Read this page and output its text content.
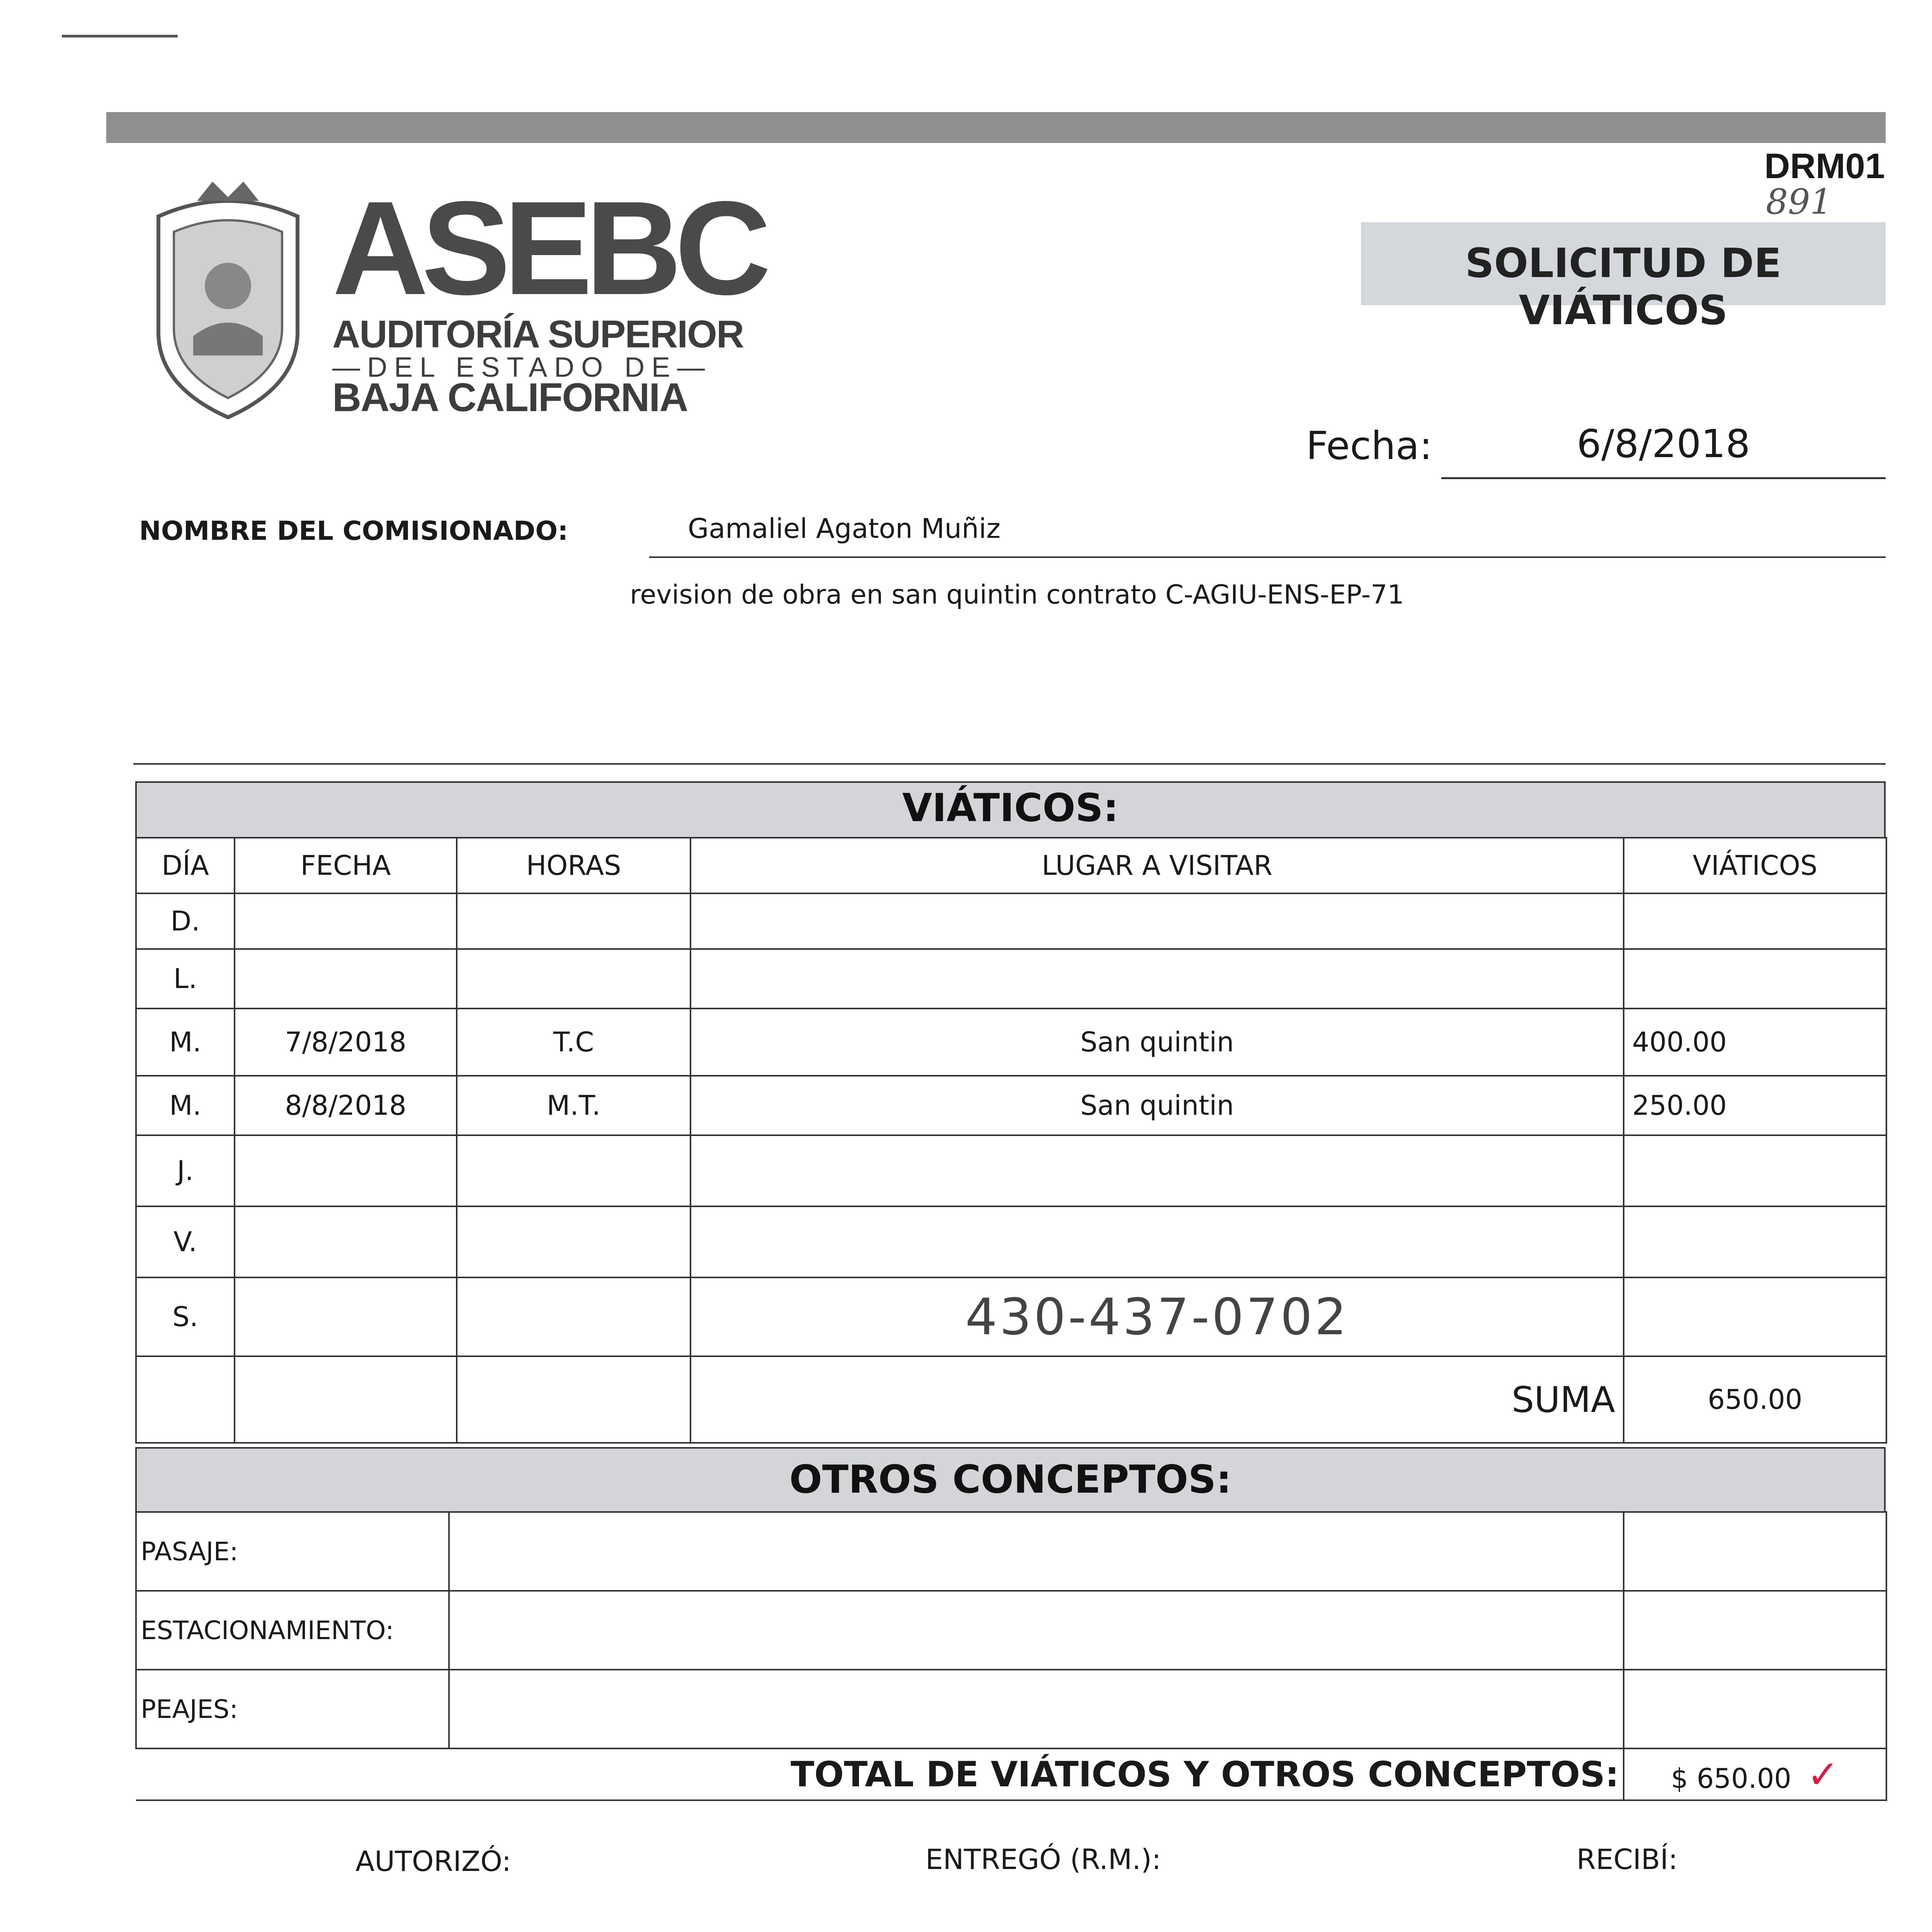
ASEBC
AUDITORÍA SUPERIOR
—DEL ESTADO DE—
BAJA CALIFORNIA
DRM01
891
SOLICITUD DE VIÁTICOS
Fecha:	6/8/2018
NOMBRE DEL COMISIONADO:	Gamaliel Agaton Muñiz
revision de obra en san quintin contrato C-AGIU-ENS-EP-71
VIÁTICOS:
DÍA	FECHA	HORAS	LUGAR A VISITAR	VIÁTICOS
D.				
L.				
M.	7/8/2018	T.C	San quintin	400.00
M.	8/8/2018	M.T.	San quintin	250.00
J.				
V.				
S.			430-437-0702	
			SUMA	650.00
OTROS CONCEPTOS:
PASAJE:		
ESTACIONAMIENTO:		
PEAJES:		
TOTAL DE VIÁTICOS Y OTROS CONCEPTOS:		$ 650.00 ✓
AUTORIZÓ:	ENTREGÓ (R.M.):	RECIBÍ:
